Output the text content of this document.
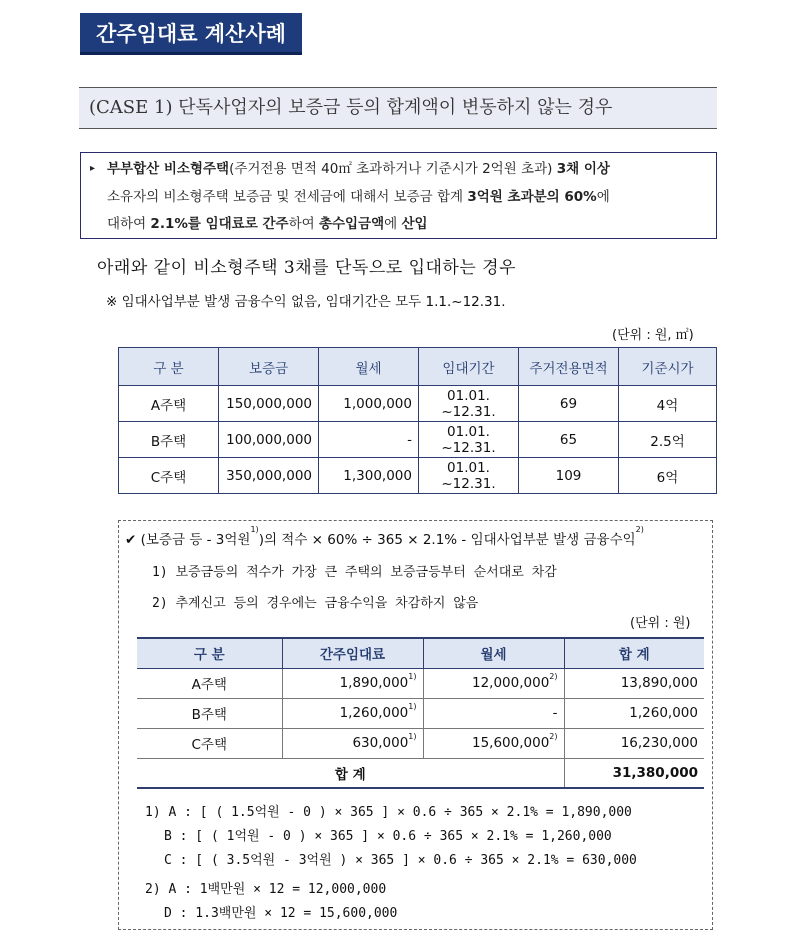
간주임대료 계산사례
(CASE 1) 단독사업자의 보증금 등의 합계액이 변동하지 않는 경우
▸ 부부합산 비소형주택(주거전용 면적 40㎡ 초과하거나 기준시가 2억원 초과) 3채 이상
소유자의 비소형주택 보증금 및 전세금에 대해서 보증금 합계 3억원 초과분의 60%에
대하여 2.1%를 임대료로 간주하여 총수입금액에 산입
아래와 같이 비소형주택 3채를 단독으로 입대하는 경우
※ 임대사업부분 발생 금융수익 없음, 임대기간은 모두 1.1.~12.31.
(단위 : 원, ㎡)
구 분	보증금	월세	임대기간	주거전용면적	기준시가
A주택	150,000,000	1,000,000	01.01. ~12.31.	69	4억
B주택	100,000,000	-	01.01. ~12.31.	65	2.5억
C주택	350,000,000	1,300,000	01.01. ~12.31.	109	6억
✔ (보증금 등 - 3억원$^{1)}$)의 적수 × 60% ÷ 365 × 2.1% - 임대사업부분 발생 금융수익$^{2)}$
1) 보증금등의 적수가 가장 큰 주택의 보증금등부터 순서대로 차감
2) 추계신고 등의 경우에는 금융수익을 차감하지 않음
(단위 : 원)
구 분	간주임대료	월세	합 계
A주택	1,890,000$^{1)}$	12,000,000$^{2)}$	13,890,000
B주택	1,260,000$^{1)}$	-	1,260,000
C주택	630,000$^{1)}$	15,600,000$^{2)}$	16,230,000
합 계			31,380,000
1) A : [ ( 1.5억원 - 0 ) × 365 ] × 0.6 ÷ 365 × 2.1% = 1,890,000
B : [ ( 1억원 - 0 ) × 365 ] × 0.6 ÷ 365 × 2.1% = 1,260,000
C : [ ( 3.5억원 - 3억원 ) × 365 ] × 0.6 ÷ 365 × 2.1% = 630,000
2) A : 1백만원 × 12 = 12,000,000
D : 1.3백만원 × 12 = 15,600,000
